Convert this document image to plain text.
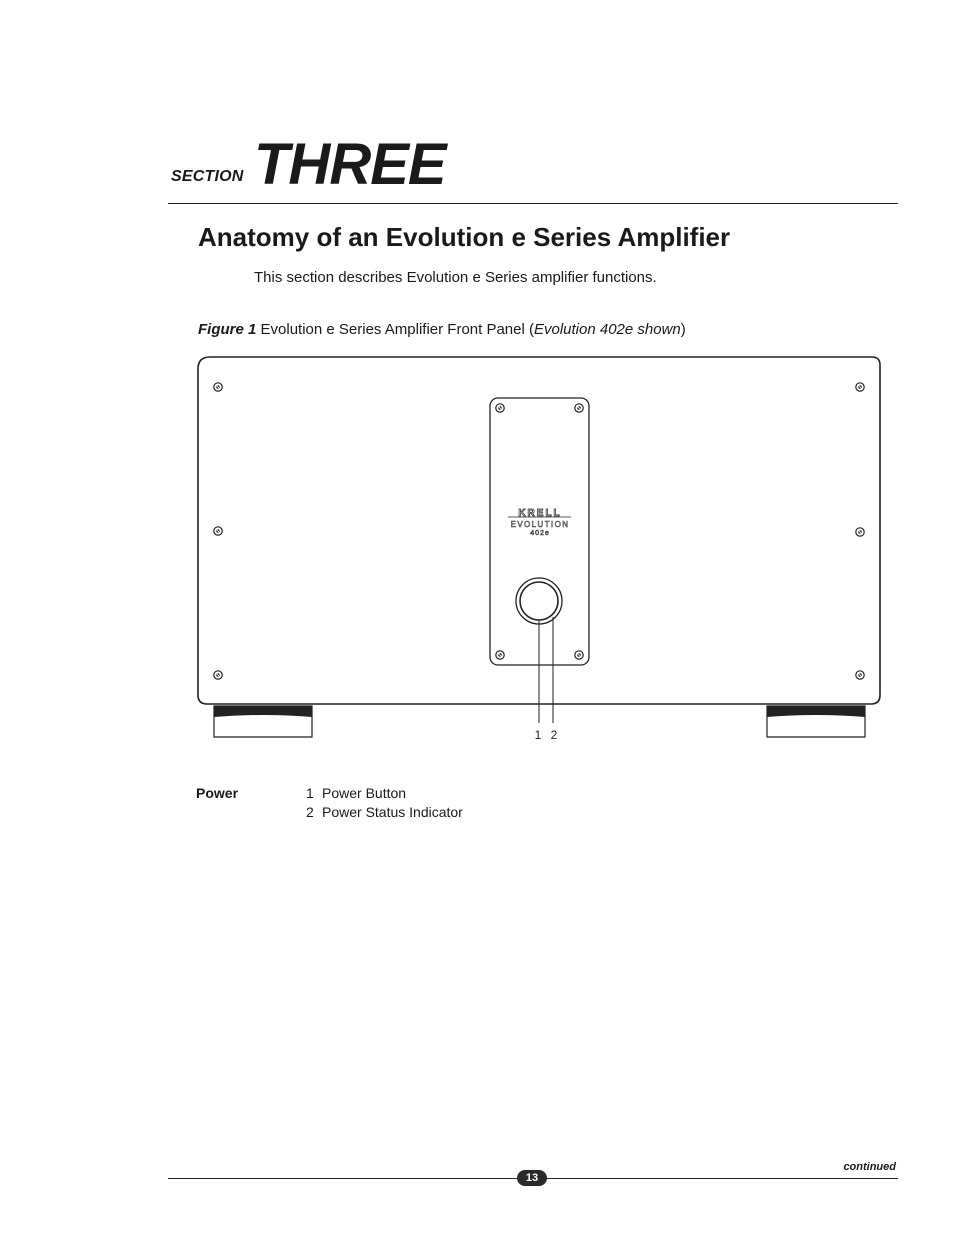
SECTION THREE
Anatomy of an Evolution e Series Amplifier
This section describes Evolution e Series amplifier functions.
Figure 1 Evolution e Series Amplifier Front Panel (Evolution 402e shown)
KRELL
EVOLUTION
402e
1 2
Power	1 Power Button
2 Power Status Indicator
continued
13
